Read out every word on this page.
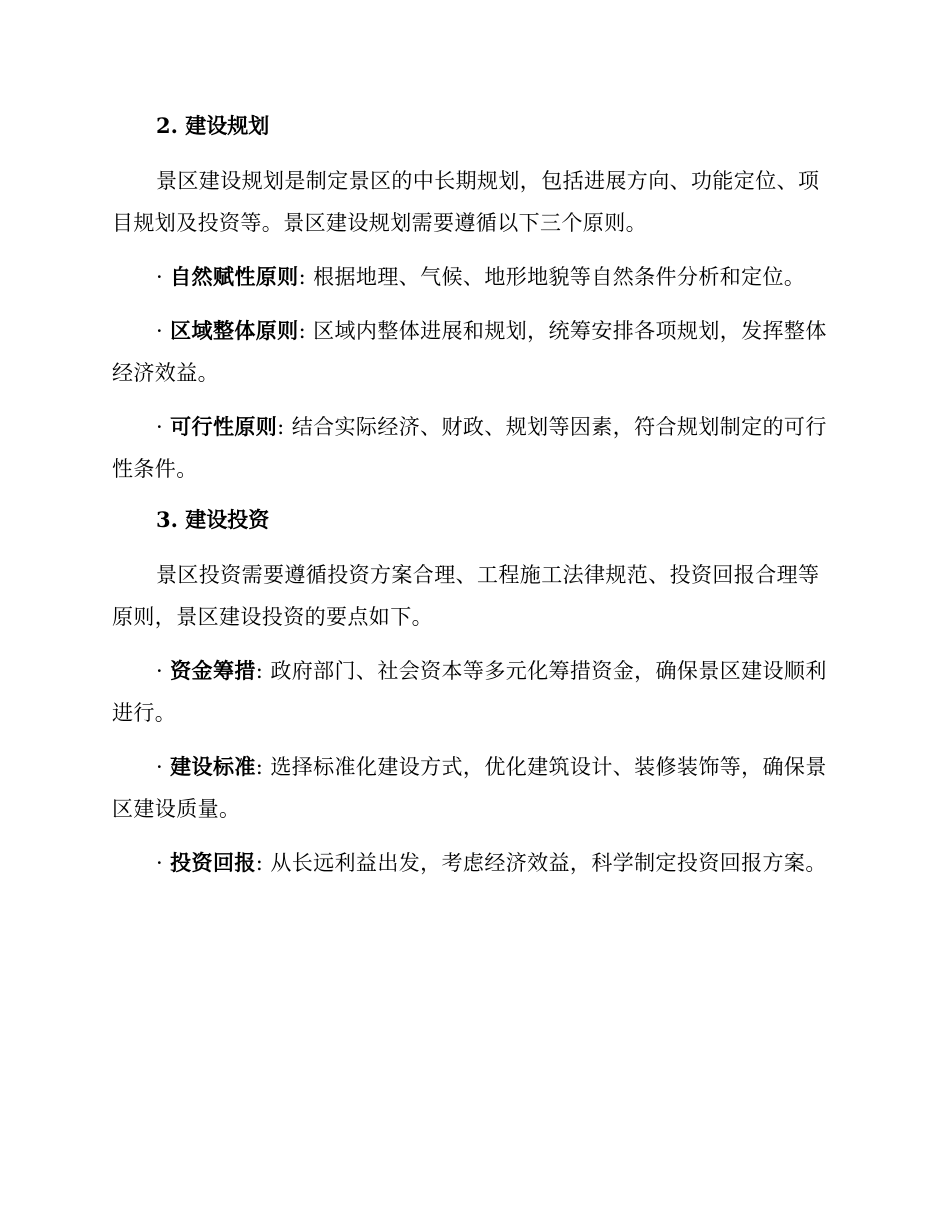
2. 建设规划

景区建设规划是制定景区的中长期规划，包括进展方向、功能定位、项目规划及投资等。景区建设规划需要遵循以下三个原则。

· 自然赋性原则: 根据地理、气候、地形地貌等自然条件分析和定位。

· 区域整体原则: 区域内整体进展和规划，统筹安排各项规划，发挥整体经济效益。

· 可行性原则: 结合实际经济、财政、规划等因素，符合规划制定的可行性条件。

3. 建设投资

景区投资需要遵循投资方案合理、工程施工法律规范、投资回报合理等原则，景区建设投资的要点如下。

· 资金筹措: 政府部门、社会资本等多元化筹措资金，确保景区建设顺利进行。

· 建设标准: 选择标准化建设方式，优化建筑设计、装修装饰等，确保景区建设质量。

· 投资回报: 从长远利益出发，考虑经济效益，科学制定投资回报方案。
